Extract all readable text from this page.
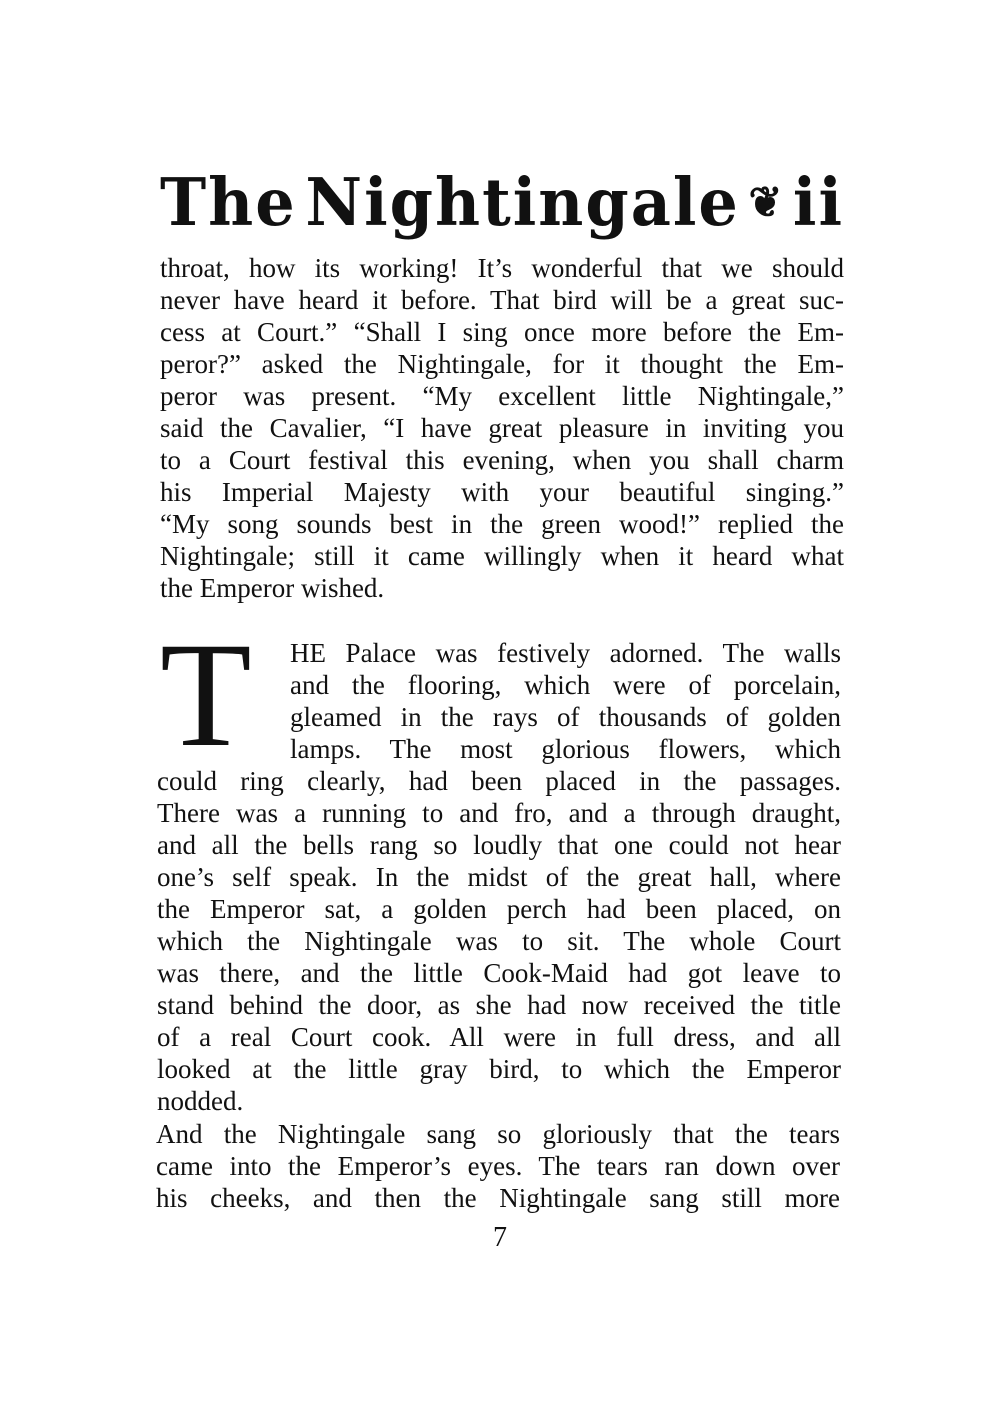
The Nightingale ❦ ii
throat, how its working! It’s wonderful that we should
never have heard it before. That bird will be a great suc-
cess at Court.” “Shall I sing once more before the Em-
peror?” asked the Nightingale, for it thought the Em-
peror was present. “My excellent little Nightingale,”
said the Cavalier, “I have great pleasure in inviting you
to a Court festival this evening, when you shall charm
his Imperial Majesty with your beautiful singing.”
“My song sounds best in the green wood!” replied the
Nightingale; still it came willingly when it heard what
the Emperor wished.
T HE Palace was festively adorned. The walls
and the flooring, which were of porcelain,
gleamed in the rays of thousands of golden
lamps. The most glorious flowers, which
could ring clearly, had been placed in the passages.
There was a running to and fro, and a through draught,
and all the bells rang so loudly that one could not hear
one’s self speak. In the midst of the great hall, where
the Emperor sat, a golden perch had been placed, on
which the Nightingale was to sit. The whole Court
was there, and the little Cook-Maid had got leave to
stand behind the door, as she had now received the title
of a real Court cook. All were in full dress, and all
looked at the little gray bird, to which the Emperor
nodded.
And the Nightingale sang so gloriously that the tears
came into the Emperor’s eyes. The tears ran down over
his cheeks, and then the Nightingale sang still more
7
